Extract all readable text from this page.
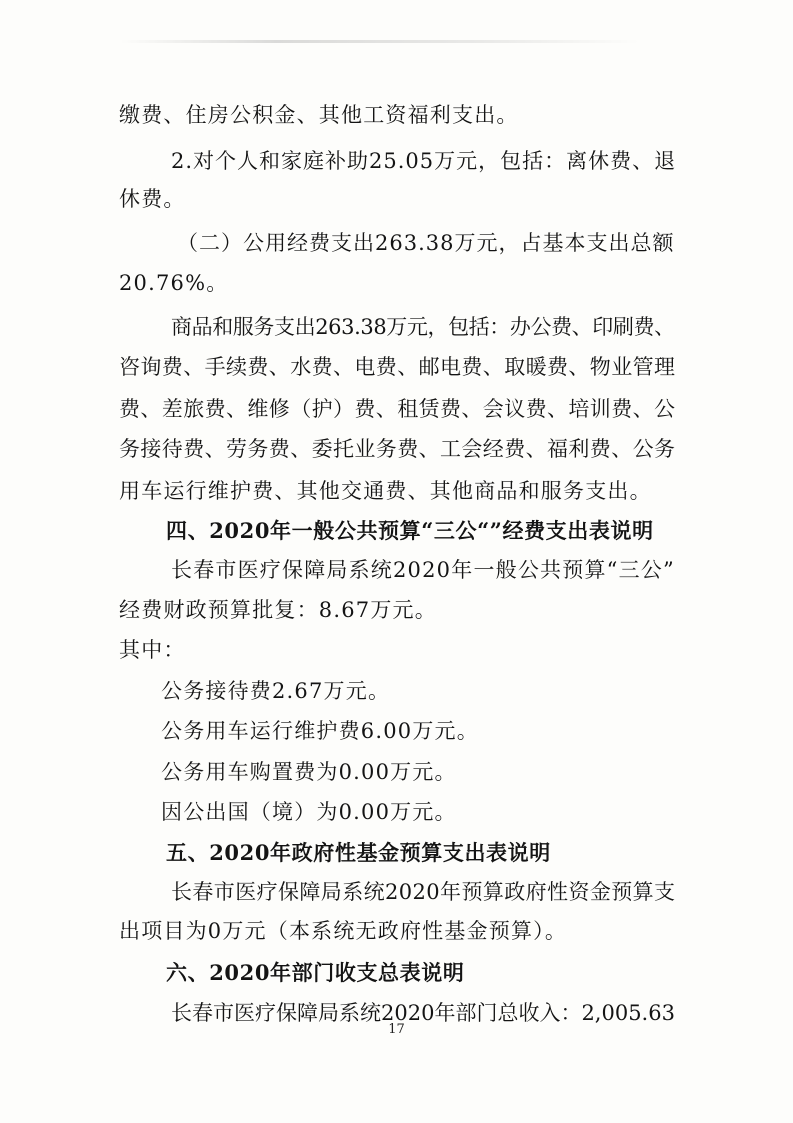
缴费、住房公积金、其他工资福利支出。

2.对个人和家庭补助25.05万元，包括：离休费、退

休费。

（二）公用经费支出263.38万元，占基本支出总额

20.76%。

商品和服务支出263.38万元，包括：办公费、印刷费、

咨询费、手续费、水费、电费、邮电费、取暖费、物业管理

费、差旅费、维修（护）费、租赁费、会议费、培训费、公

务接待费、劳务费、委托业务费、工会经费、福利费、公务

用车运行维护费、其他交通费、其他商品和服务支出。

四、2020年一般公共预算“三公“”经费支出表说明

长春市医疗保障局系统2020年一般公共预算“三公”

经费财政预算批复：8.67万元。

其中：

公务接待费2.67万元。

公务用车运行维护费6.00万元。

公务用车购置费为0.00万元。

因公出国（境）为0.00万元。

五、2020年政府性基金预算支出表说明

长春市医疗保障局系统2020年预算政府性资金预算支

出项目为0万元（本系统无政府性基金预算）。

六、2020年部门收支总表说明

长春市医疗保障局系统2020年部门总收入：2,005.63

17
